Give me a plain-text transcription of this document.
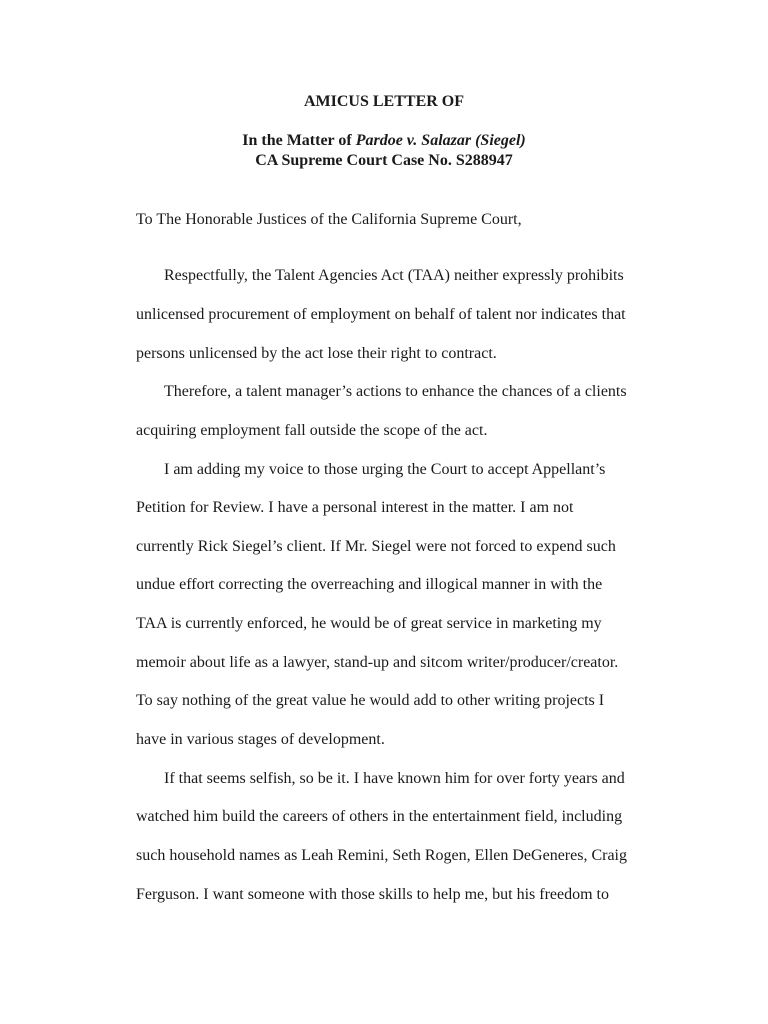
AMICUS LETTER OF
In the Matter of Pardoe v. Salazar (Siegel)
CA Supreme Court Case No. S288947
To The Honorable Justices of the California Supreme Court,
Respectfully, the Talent Agencies Act (TAA) neither expressly prohibits
unlicensed procurement of employment on behalf of talent nor indicates that
persons unlicensed by the act lose their right to contract.
Therefore, a talent manager’s actions to enhance the chances of a clients
acquiring employment fall outside the scope of the act.
I am adding my voice to those urging the Court to accept Appellant’s
Petition for Review. I have a personal interest in the matter. I am not
currently Rick Siegel’s client. If Mr. Siegel were not forced to expend such
undue effort correcting the overreaching and illogical manner in with the
TAA is currently enforced, he would be of great service in marketing my
memoir about life as a lawyer, stand-up and sitcom writer/producer/creator.
To say nothing of the great value he would add to other writing projects I
have in various stages of development.
If that seems selfish, so be it. I have known him for over forty years and
watched him build the careers of others in the entertainment field, including
such household names as Leah Remini, Seth Rogen, Ellen DeGeneres, Craig
Ferguson. I want someone with those skills to help me, but his freedom to
